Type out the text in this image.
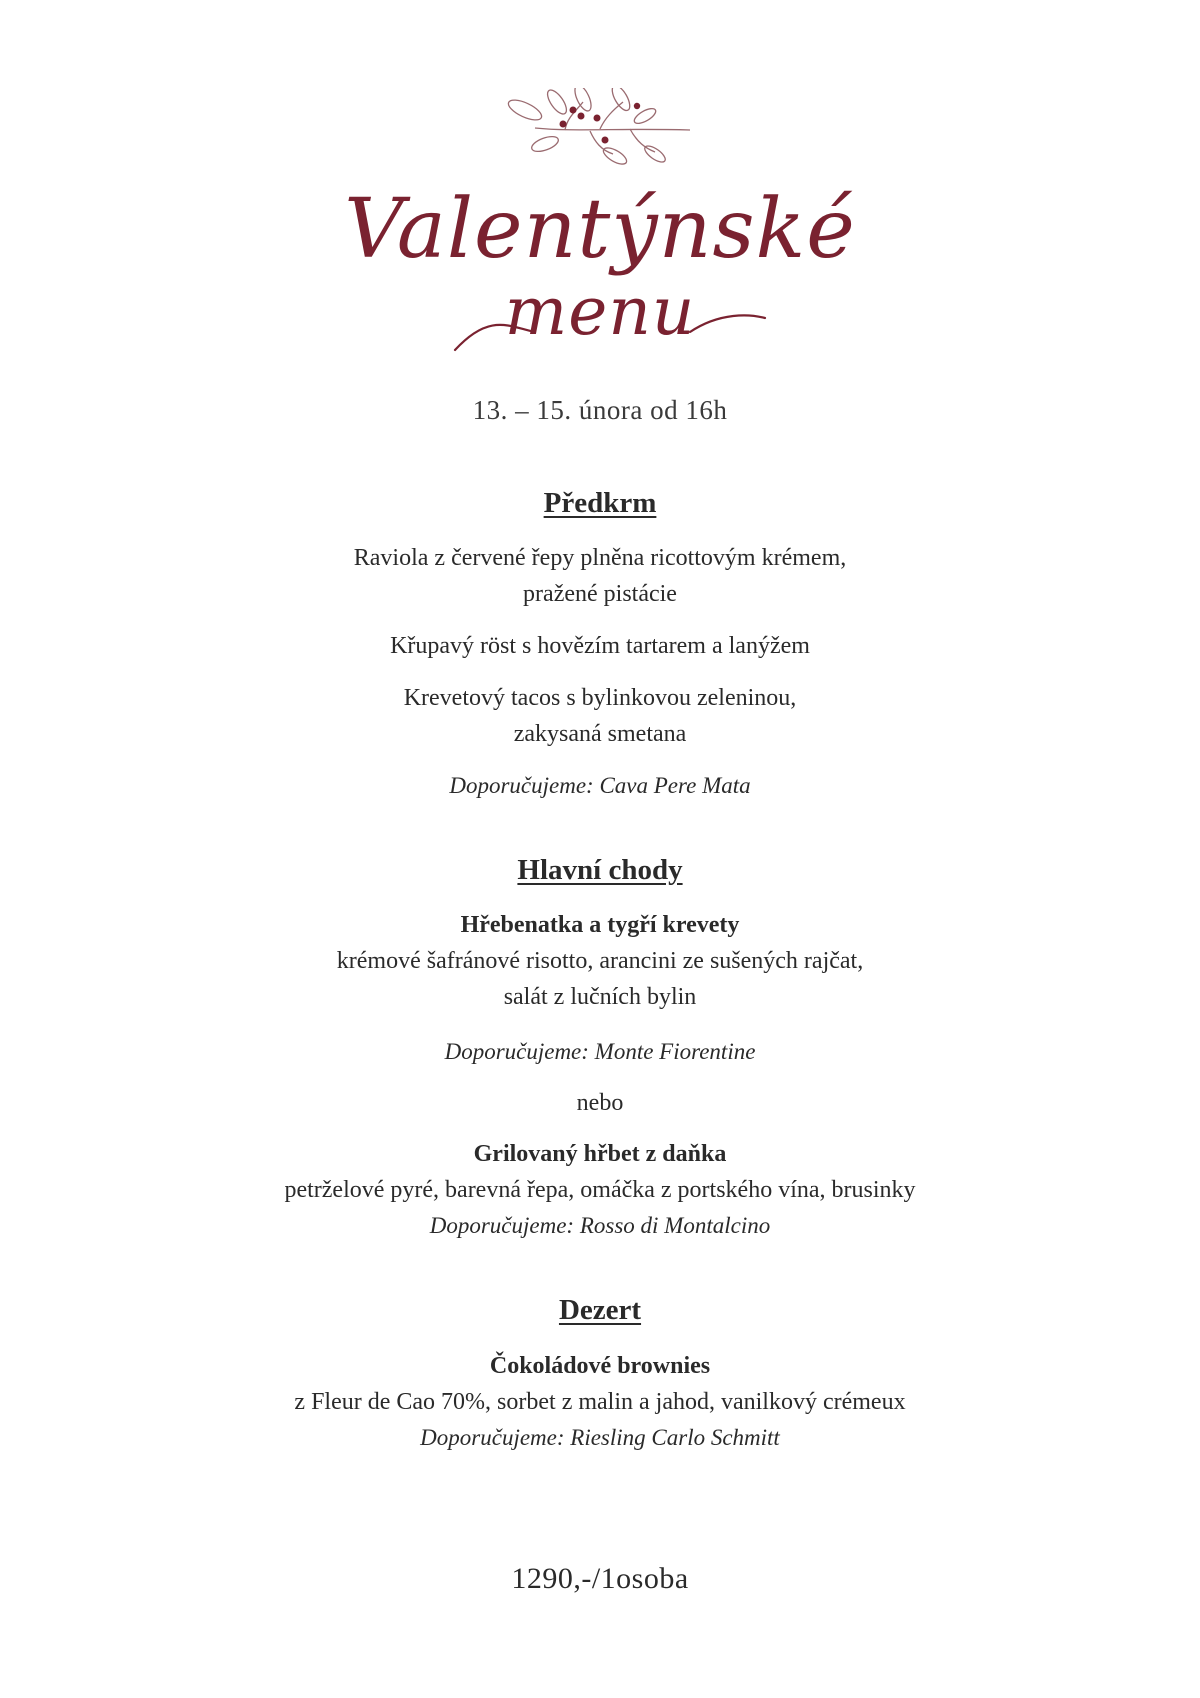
Valentýnské
menu
13. – 15. února od 16h
Předkrm
Raviola z červené řepy plněna ricottovým krémem,
pražené pistácie
Křupavý röst s hovězím tartarem a lanýžem
Krevetový tacos s bylinkovou zeleninou,
zakysaná smetana
Doporučujeme: Cava Pere Mata
Hlavní chody
Hřebenatka a tygří krevety
krémové šafránové risotto, arancini ze sušených rajčat,
salát z lučních bylin
Doporučujeme: Monte Fiorentine
nebo
Grilovaný hřbet z daňka
petrželové pyré, barevná řepa, omáčka z portského vína, brusinky
Doporučujeme: Rosso di Montalcino
Dezert
Čokoládové brownies
z Fleur de Cao 70%, sorbet z malin a jahod, vanilkový crémeux
Doporučujeme: Riesling Carlo Schmitt
1290,-/1osoba
